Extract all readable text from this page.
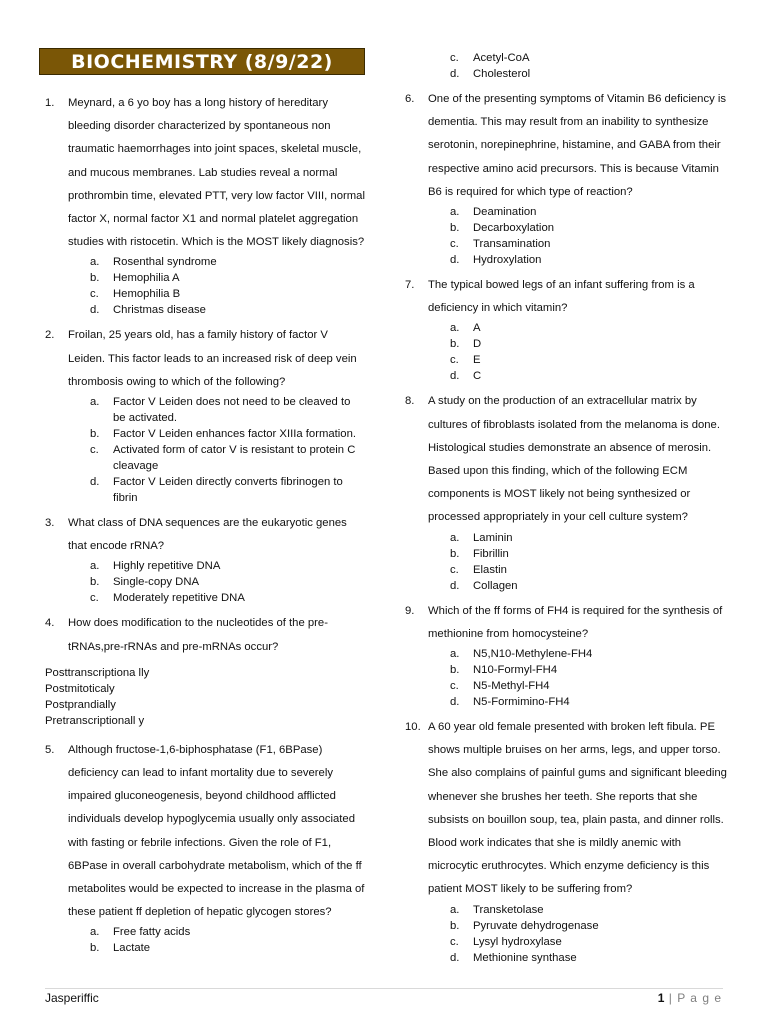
BIOCHEMISTRY (8/9/22)
1. Meynard, a 6 yo boy has a long history of hereditary bleeding disorder characterized by spontaneous non traumatic haemorrhages into joint spaces, skeletal muscle, and mucous membranes. Lab studies reveal a normal prothrombin time, elevated PTT, very low factor VIII, normal factor X, normal factor X1 and normal platelet aggregation studies with ristocetin. Which is the MOST likely diagnosis?
a. Rosenthal syndrome
b. Hemophilia A
c. Hemophilia B
d. Christmas disease
2. Froilan, 25 years old, has a family history of factor V Leiden. This factor leads to an increased risk of deep vein thrombosis owing to which of the following?
a. Factor V Leiden does not need to be cleaved to be activated.
b. Factor V Leiden enhances factor XIIIa formation.
c. Activated form of cator V is resistant to protein C cleavage
d. Factor V Leiden directly converts fibrinogen to fibrin
3. What class of DNA sequences are the eukaryotic genes that encode rRNA?
a. Highly repetitive DNA
b. Single-copy DNA
c. Moderately repetitive DNA
4. How does modification to the nucleotides of the pre-tRNAs,pre-rRNAs and pre-mRNAs occur?
Posttranscriptiona lly
Postmitoticaly
Postprandially
Pretranscriptionall y
5. Although fructose-1,6-biphosphatase (F1, 6BPase) deficiency can lead to infant mortality due to severely impaired gluconeogenesis, beyond childhood afflicted individuals develop hypoglycemia usually only associated with fasting or febrile infections. Given the role of F1, 6BPase in overall carbohydrate metabolism, which of the ff metabolites would be expected to increase in the plasma of these patient ff depletion of hepatic glycogen stores?
a. Free fatty acids
b. Lactate
c. Acetyl-CoA
d. Cholesterol
6. One of the presenting symptoms of Vitamin B6 deficiency is dementia. This may result from an inability to synthesize serotonin, norepinephrine, histamine, and GABA from their respective amino acid precursors. This is because Vitamin B6 is required for which type of reaction?
a. Deamination
b. Decarboxylation
c. Transamination
d. Hydroxylation
7. The typical bowed legs of an infant suffering from is a deficiency in which vitamin?
a. A
b. D
c. E
d. C
8. A study on the production of an extracellular matrix by cultures of fibroblasts isolated from the melanoma is done. Histological studies demonstrate an absence of merosin. Based upon this finding, which of the following ECM components is MOST likely not being synthesized or processed appropriately in your cell culture system?
a. Laminin
b. Fibrillin
c. Elastin
d. Collagen
9. Which of the ff forms of FH4 is required for the synthesis of methionine from homocysteine?
a. N5,N10-Methylene-FH4
b. N10-Formyl-FH4
c. N5-Methyl-FH4
d. N5-Formimino-FH4
10. A 60 year old female presented with broken left fibula. PE shows multiple bruises on her arms, legs, and upper torso. She also complains of painful gums and significant bleeding whenever she brushes her teeth. She reports that she subsists on bouillon soup, tea, plain pasta, and dinner rolls. Blood work indicates that she is mildly anemic with microcytic eruthrocytes. Which enzyme deficiency is this patient MOST likely to be suffering from?
a. Transketolase
b. Pyruvate dehydrogenase
c. Lysyl hydroxylase
d. Methionine synthase
Jasperiffic	1 | P a g e
